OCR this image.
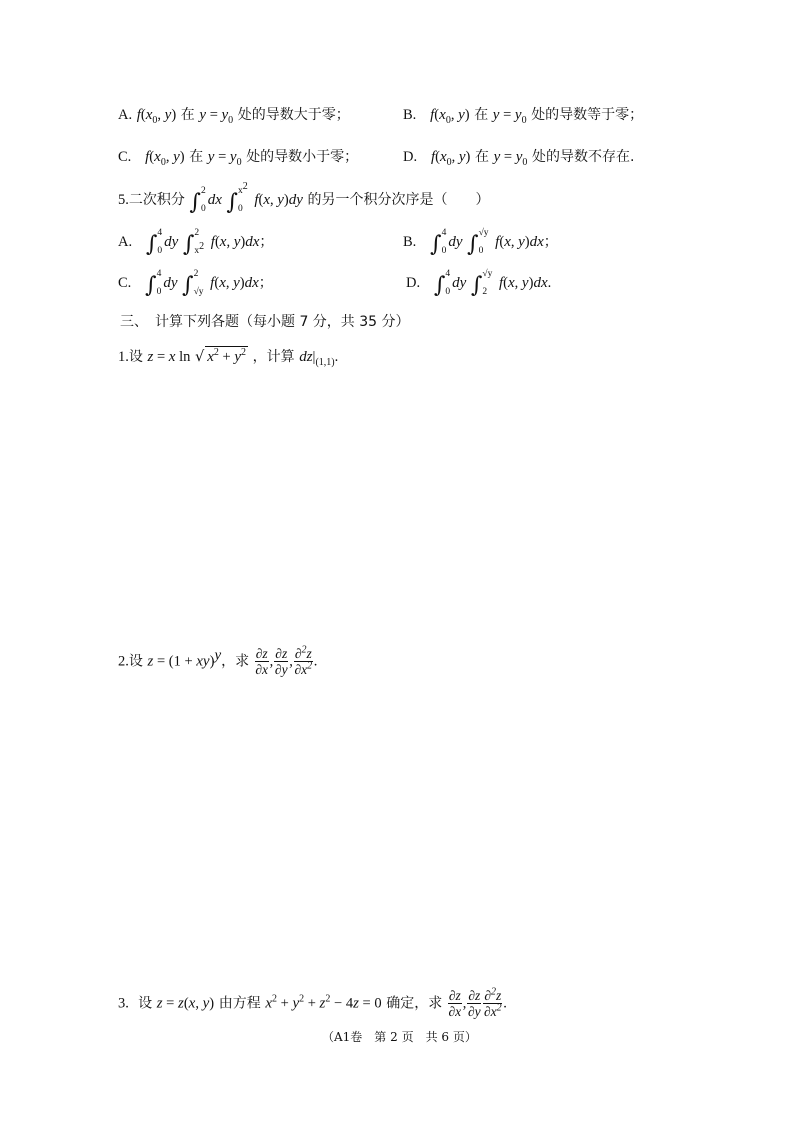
A. $f(x_0$, y) 在 $y = y_0$ 处的导数大于零；	B. $f(x_0$, y) 在 $y = y_0$ 处的导数等于零；
C. $f(x_0$, y) 在 $y = y_0$ 处的导数小于零；	D. $f(x_0$, y) 在 $y = y_0$ 处的导数不存在.
5.二次积分 ∫ 2
0
dx ∫ $x^2$
0
f(x, y)dy 的另一个积分次序是（　　）
A. ∫ 4
0
dy ∫ 2
$x^2$ f(x, y)dx；	B. ∫ 4
0
dy ∫ √y
0
f(x, y)dx；
C. ∫ 4
0
dy ∫ 2
√y
f(x, y)dx；	D. ∫ 4
0
dy ∫ √y
2
f(x, y)dx.
三、　计算下列各题（每小题 7 分，共 35 分）
1.设 z = x ln √ $x^2 + y^2$ ，计算 $dz|_{(1,1)}$.
2.设 z = (1 + xy)$^y$，求 $\frac{\partial z}{\partial x}$ , $\frac{\partial z}{\partial y}$ , $\frac{\partial^2z}{\partial x^2}$ .
3. 设 z = z(x, y) 由方程 $x^2 + y^2 + z^2 - 4z = 0$ 确定，求 $\frac{\partial z}{\partial x}$ , $\frac{\partial z}{\partial y} \frac{\partial^2z}{\partial x^2}$ .
（A1卷　第 2 页　共 6 页）
